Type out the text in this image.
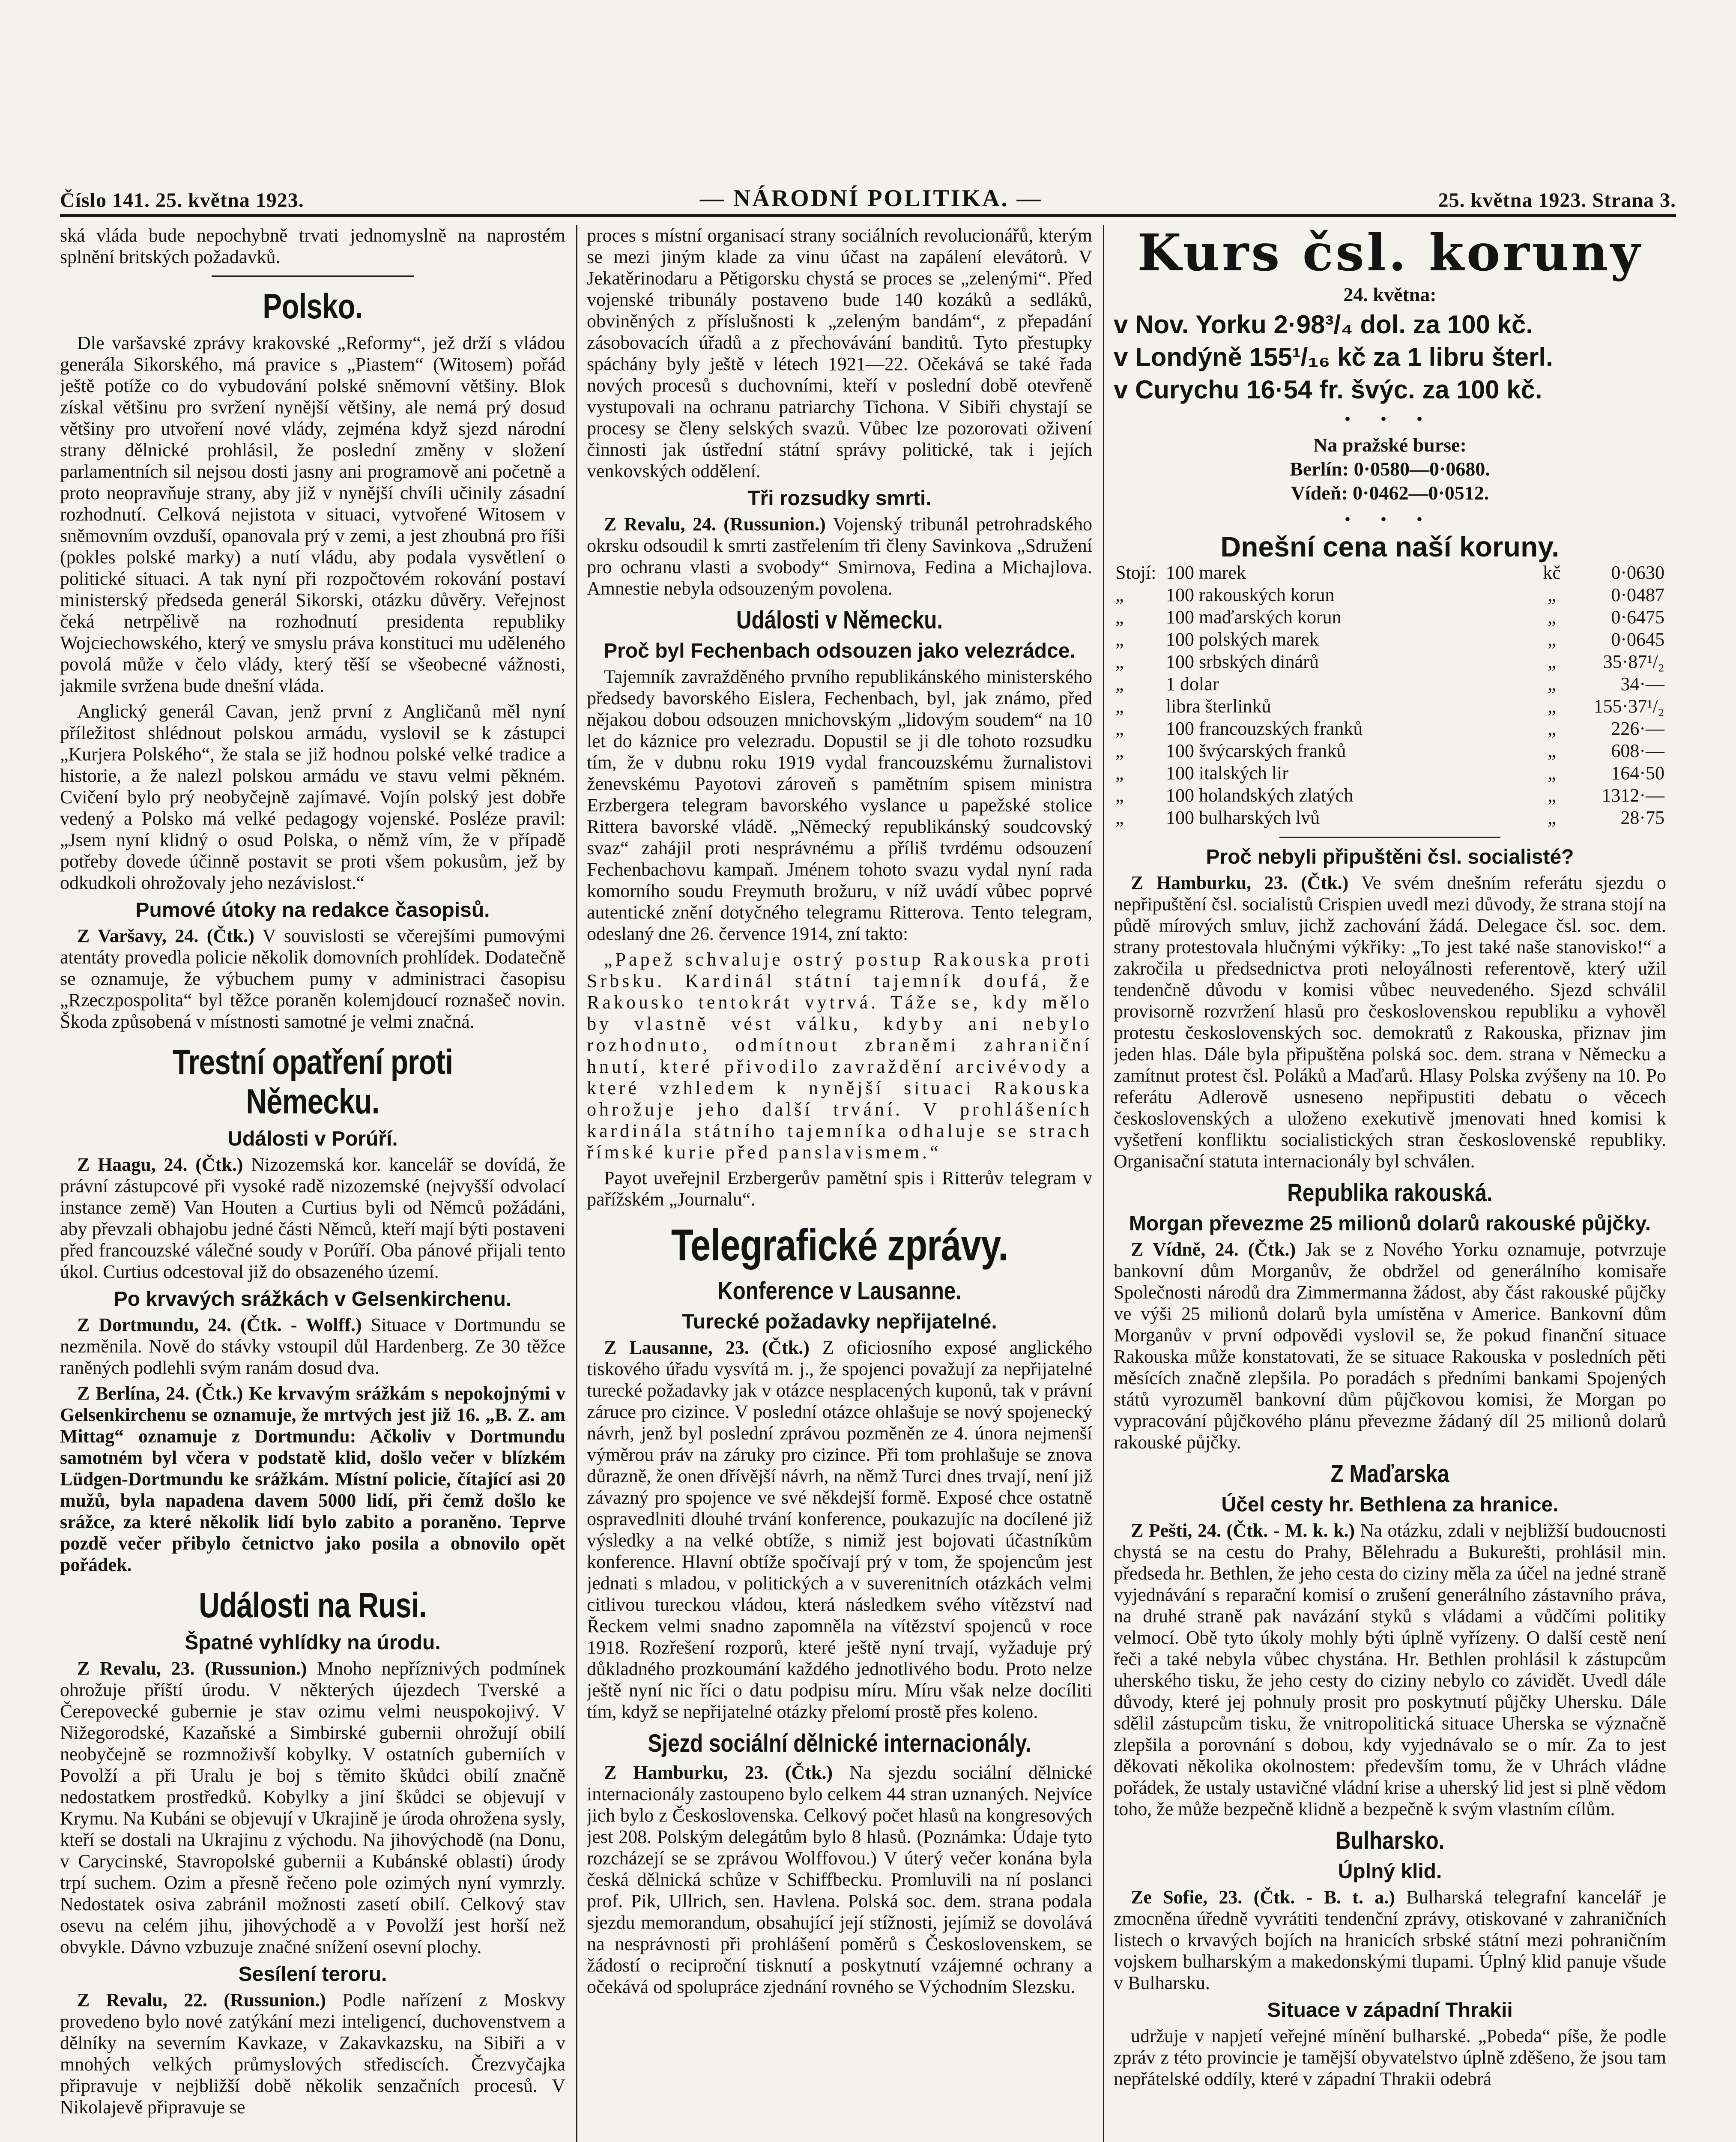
Číslo 141. 25. května 1923.	— NÁRODNÍ POLITIKA. —	25. května 1923. Strana 3.

ská vláda bude nepochybně trvati jednomyslně na naprostém splnění britských požadavků.

Polsko.

Dle varšavské zprávy krakovské „Reformy“, jež drží s vládou generála Sikorského, má pravice s „Piastem“ (Witosem) pořád ještě potíže co do vybudování polské sněmovní většiny. Blok získal většinu pro svržení nynější většiny, ale nemá prý dosud většiny pro utvoření nové vlády, zejména když sjezd národní strany dělnické prohlásil, že poslední změny v složení parlamentních sil nejsou dosti jasny ani programově ani početně a proto neopravňuje strany, aby již v nynější chvíli učinily zásadní rozhodnutí. Celková nejistota v situaci, vytvořené Witosem v sněmovním ovzduší, opanovala prý v zemi, a jest zhoubná pro říši (pokles polské marky) a nutí vládu, aby podala vysvětlení o politické situaci. A tak nyní při rozpočtovém rokování postaví ministerský předseda generál Sikorski, otázku důvěry. Veřejnost čeká netrpělivě na rozhodnutí presidenta republiky Wojciechowského, který ve smyslu práva konstituci mu uděleného povolá může v čelo vlády, který těší se všeobecné vážnosti, jakmile svržena bude dnešní vláda.

Anglický generál Cavan, jenž první z Angličanů měl nyní příležitost shlédnout polskou armádu, vyslovil se k zástupci „Kurjera Polského“, že stala se již hodnou polské velké tradice a historie, a že nalezl polskou armádu ve stavu velmi pěkném. Cvičení bylo prý neobyčejně zajímavé. Vojín polský jest dobře vedený a Polsko má velké pedagogy vojenské. Posléze pravil: „Jsem nyní klidný o osud Polska, o němž vím, že v případě potřeby dovede účinně postavit se proti všem pokusům, jež by odkudkoli ohrožovaly jeho nezávislost.“

Pumové útoky na redakce časopisů.

Z Varšavy, 24. (Čtk.) V souvislosti se včerejšími pumovými atentáty provedla policie několik domovních prohlídek. Dodatečně se oznamuje, že výbuchem pumy v administraci časopisu „Rzeczpospolita“ byl těžce poraněn kolemjdoucí roznašeč novin. Škoda způsobená v místnosti samotné je velmi značná.

Trestní opatření proti Německu.
Události v Porúří.

Z Haagu, 24. (Čtk.) Nizozemská kor. kancelář se dovídá, že právní zástupcové při vysoké radě nizozemské (nejvyšší odvolací instance země) Van Houten a Curtius byli od Němců požádáni, aby převzali obhajobu jedné části Němců, kteří mají býti postaveni před francouzské válečné soudy v Porúří. Oba pánové přijali tento úkol. Curtius odcestoval již do obsazeného území.

Po krvavých srážkách v Gelsenkirchenu.

Z Dortmundu, 24. (Čtk. - Wolff.) Situace v Dortmundu se nezměnila. Nově do stávky vstoupil důl Hardenberg. Ze 30 těžce raněných podlehli svým ranám dosud dva.

Z Berlína, 24. (Čtk.) Ke krvavým srážkám s nepokojnými v Gelsenkirchenu se oznamuje, že mrtvých jest již 16. „B. Z. am Mittag“ oznamuje z Dortmundu: Ačkoliv v Dortmundu samotném byl včera v podstatě klid, došlo večer v blízkém Lüdgen-Dortmundu ke srážkám. Místní policie, čítající asi 20 mužů, byla napadena davem 5000 lidí, při čemž došlo ke srážce, za které několik lidí bylo zabito a poraněno. Teprve pozdě večer přibylo četnictvo jako posila a obnovilo opět pořádek.

Události na Rusi.
Špatné vyhlídky na úrodu.

Z Revalu, 23. (Russunion.) Mnoho nepříznivých podmínek ohrožuje příští úrodu. V některých újezdech Tverské a Čerepovecké gubernie je stav ozimu velmi neuspokojivý. V Nižegorodské, Kazaňské a Simbirské gubernii ohrožují obilí neobyčejně se rozmnoživší kobylky. V ostatních guberniích v Povolží a při Uralu je boj s těmito škůdci obilí značně nedostatkem prostředků. Kobylky a jiní škůdci se objevují v Krymu. Na Kubáni se objevují v Ukrajině je úroda ohrožena sysly, kteří se dostali na Ukrajinu z východu. Na jihovýchodě (na Donu, v Carycinské, Stavropolské gubernii a Kubánské oblasti) úrody trpí suchem. Ozim a přesně řečeno pole ozimých nyní vymrzly. Nedostatek osiva zabránil možnosti zasetí obilí. Celkový stav osevu na celém jihu, jihovýchodě a v Povolží jest horší než obvykle. Dávno vzbuzuje značné snížení osevní plochy.

Sesílení teroru.

Z Revalu, 22. (Russunion.) Podle nařízení z Moskvy provedeno bylo nové zatýkání mezi inteligencí, duchovenstvem a dělníky na severním Kavkaze, v Zakavkazsku, na Sibiři a v mnohých velkých průmyslových střediscích. Črezvyčajka připravuje v nejbližší době několik senzačních procesů. V Nikolajevě připravuje se

proces s místní organisací strany sociálních revolucionářů, kterým se mezi jiným klade za vinu účast na zapálení elevátorů. V Jekatěrinodaru a Pětigorsku chystá se proces se „zelenými“. Před vojenské tribunály postaveno bude 140 kozáků a sedláků, obviněných z příslušnosti k „zeleným bandám“, z přepadání zásobovacích úřadů a z přechovávání banditů. Tyto přestupky spáchány byly ještě v létech 1921—22. Očekává se také řada nových procesů s duchovními, kteří v poslední době otevřeně vystupovali na ochranu patriarchy Tichona. V Sibiři chystají se procesy se členy selských svazů. Vůbec lze pozorovati oživení činnosti jak ústřední státní správy politické, tak i jejích venkovských oddělení.

Tři rozsudky smrti.

Z Revalu, 24. (Russunion.) Vojenský tribunál petrohradského okrsku odsoudil k smrti zastřelením tři členy Savinkova „Sdružení pro ochranu vlasti a svobody“ Smirnova, Fedina a Michajlova. Amnestie nebyla odsouzeným povolena.

Události v Německu.
Proč byl Fechenbach odsouzen jako velezrádce.

Tajemník zavražděného prvního republikánského ministerského předsedy bavorského Eislera, Fechenbach, byl, jak známo, před nějakou dobou odsouzen mnichovským „lidovým soudem“ na 10 let do káznice pro velezradu. Dopustil se ji dle tohoto rozsudku tím, že v dubnu roku 1919 vydal francouzskému žurnalistovi ženevskému Payotovi zároveň s pamětním spisem ministra Erzbergera telegram bavorského vyslance u papežské stolice Rittera bavorské vládě. „Německý republikánský soudcovský svaz“ zahájil proti nesprávnému a příliš tvrdému odsouzení Fechenbachovu kampaň. Jménem tohoto svazu vydal nyní rada komorního soudu Freymuth brožuru, v níž uvádí vůbec poprvé autentické znění dotyčného telegramu Ritterova. Tento telegram, odeslaný dne 26. července 1914, zní takto:

„Papež schvaluje ostrý postup Rakouska proti Srbsku. Kardinál státní tajemník doufá, že Rakousko tentokrát vytrvá. Táže se, kdy mělo by vlastně vést válku, kdyby ani nebylo rozhodnuto, odmítnout zbraněmi zahraniční hnutí, které přivodilo zavraždění arcivévody a které vzhledem k nynější situaci Rakouska ohrožuje jeho další trvání. V prohlášeních kardinála státního tajemníka odhaluje se strach římské kurie před panslavismem.“

Payot uveřejnil Erzbergerův pamětní spis i Ritterův telegram v pařížském „Journalu“.

Telegrafické zprávy.
Konference v Lausanne.
Turecké požadavky nepřijatelné.

Z Lausanne, 23. (Čtk.) Z oficiosního exposé anglického tiskového úřadu vysvítá m. j., že spojenci považují za nepřijatelné turecké požadavky jak v otázce nesplacených kuponů, tak v právní záruce pro cizince. V poslední otázce ohlašuje se nový spojenecký návrh, jenž byl poslední zprávou pozměněn ze 4. února nejmenší výměrou práv na záruky pro cizince. Při tom prohlašuje se znova důrazně, že onen dřívější návrh, na němž Turci dnes trvají, není již závazný pro spojence ve své někdejší formě. Exposé chce ostatně ospravedlniti dlouhé trvání konference, poukazujíc na docílené již výsledky a na velké obtíže, s nimiž jest bojovati účastníkům konference. Hlavní obtíže spočívají prý v tom, že spojencům jest jednati s mladou, v politických a v suverenitních otázkách velmi citlivou tureckou vládou, která následkem svého vítězství nad Řeckem velmi snadno zapomněla na vítězství spojenců v roce 1918. Rozřešení rozporů, které ještě nyní trvají, vyžaduje prý důkladného prozkoumání každého jednotlivého bodu. Proto nelze ještě nyní nic říci o datu podpisu míru. Míru však nelze docíliti tím, když se nepřijatelné otázky přelomí prostě přes koleno.

Sjezd sociální dělnické internacionály.

Z Hamburku, 23. (Čtk.) Na sjezdu sociální dělnické internacionály zastoupeno bylo celkem 44 stran uznaných. Nejvíce jich bylo z Československa. Celkový počet hlasů na kongresových jest 208. Polským delegátům bylo 8 hlasů. (Poznámka: Údaje tyto rozcházejí se se zprávou Wolffovou.) V úterý večer konána byla česká dělnická schůze v Schiffbecku. Promluvili na ní poslanci prof. Pik, Ullrich, sen. Havlena. Polská soc. dem. strana podala sjezdu memorandum, obsahující její stížnosti, jejímiž se dovolává na nesprávnosti při prohlášení poměrů s Československem, se žádostí o reciproční tisknutí a poskytnutí vzájemné ochrany a očekává od spolupráce zjednání rovného se Východním Slezsku.

Kurs čsl. koruny
24. května:
v Nov. Yorku 2·98³/₄ dol. za 100 kč.
v Londýně 155¹/₁₆ kč za 1 libru šterl.
v Curychu 16·54 fr. švýc. za 100 kč.
• • •
Na pražské burse:
Berlín: 0·0580—0·0680.
Vídeň: 0·0462—0·0512.
• • •
Dnešní cena naší koruny.
Stojí:	100 marek	kč	0·0630
„	100 rakouských korun	„	0·0487
„	100 maďarských korun	„	0·6475
„	100 polských marek	„	0·0645
„	100 srbských dinárů	„	35·87¹/₂
„	1 dolar	„	34·—
„	libra šterlinků	„	155·37¹/₂
„	100 francouzských franků	„	226·—
„	100 švýcarských franků	„	608·—
„	100 italských lir	„	164·50
„	100 holandských zlatých	„	1312·—
„	100 bulharských lvů	„	28·75
Proč nebyli připuštěni čsl. socialisté?

Z Hamburku, 23. (Čtk.) Ve svém dnešním referátu sjezdu o nepřipuštění čsl. socialistů Crispien uvedl mezi důvody, že strana stojí na půdě mírových smluv, jichž zachování žádá. Delegace čsl. soc. dem. strany protestovala hlučnými výkřiky: „To jest také naše stanovisko!“ a zakročila u předsednictva proti neloyálnosti referentově, který užil tendenčně důvodu v komisi vůbec neuvedeného. Sjezd schválil provisorně rozvržení hlasů pro československou republiku a vyhověl protestu československých soc. demokratů z Rakouska, přiznav jim jeden hlas. Dále byla připuštěna polská soc. dem. strana v Německu a zamítnut protest čsl. Poláků a Maďarů. Hlasy Polska zvýšeny na 10. Po referátu Adlerově usneseno nepřipustiti debatu o věcech československých a uloženo exekutivě jmenovati hned komisi k vyšetření konfliktu socialistických stran československé republiky. Organisační statuta internacionály byl schválen.

Republika rakouská.
Morgan převezme 25 milionů dolarů rakouské půjčky.

Z Vídně, 24. (Čtk.) Jak se z Nového Yorku oznamuje, potvrzuje bankovní dům Morganův, že obdržel od generálního komisaře Společnosti národů dra Zimmermanna žádost, aby část rakouské půjčky ve výši 25 milionů dolarů byla umístěna v Americe. Bankovní dům Morganův v první odpovědi vyslovil se, že pokud finanční situace Rakouska může konstatovati, že se situace Rakouska v posledních pěti měsících značně zlepšila. Po poradách s předními bankami Spojených států vyrozuměl bankovní dům půjčkovou komisi, že Morgan po vypracování půjčkového plánu převezme žádaný díl 25 milionů dolarů rakouské půjčky.

Z Maďarska
Účel cesty hr. Bethlena za hranice.

Z Pešti, 24. (Čtk. - M. k. k.) Na otázku, zdali v nejbližší budoucnosti chystá se na cestu do Prahy, Bělehradu a Bukurešti, prohlásil min. předseda hr. Bethlen, že jeho cesta do ciziny měla za účel na jedné straně vyjednávání s reparační komisí o zrušení generálního zástavního práva, na druhé straně pak navázání styků s vládami a vůdčími politiky velmocí. Obě tyto úkoly mohly býti úplně vyřízeny. O další cestě není řeči a také nebyla vůbec chystána. Hr. Bethlen prohlásil k zástupcům uherského tisku, že jeho cesty do ciziny nebylo co závidět. Uvedl dále důvody, které jej pohnuly prosit pro poskytnutí půjčky Uhersku. Dále sdělil zástupcům tisku, že vnitropolitická situace Uherska se význačně zlepšila a porovnání s dobou, kdy vyjednávalo se o mír. Za to jest děkovati několika okolnostem: především tomu, že v Uhrách vládne pořádek, že ustaly ustavičné vládní krise a uherský lid jest si plně vědom toho, že může bezpečně klidně a bezpečně k svým vlastním cílům.

Bulharsko.
Úplný klid.

Ze Sofie, 23. (Čtk. - B. t. a.) Bulharská telegrafní kancelář je zmocněna úředně vyvrátiti tendenční zprávy, otiskované v zahraničních listech o krvavých bojích na hranicích srbské státní mezi pohraničním vojskem bulharským a makedonskými tlupami. Úplný klid panuje všude v Bulharsku.

Situace v západní Thrakii

udržuje v napjetí veřejné mínění bulharské. „Pobeda“ píše, že podle zpráv z této provincie je tamější obyvatelstvo úplně zděšeno, že jsou tam nepřátelské oddíly, které v západní Thrakii odebrá
